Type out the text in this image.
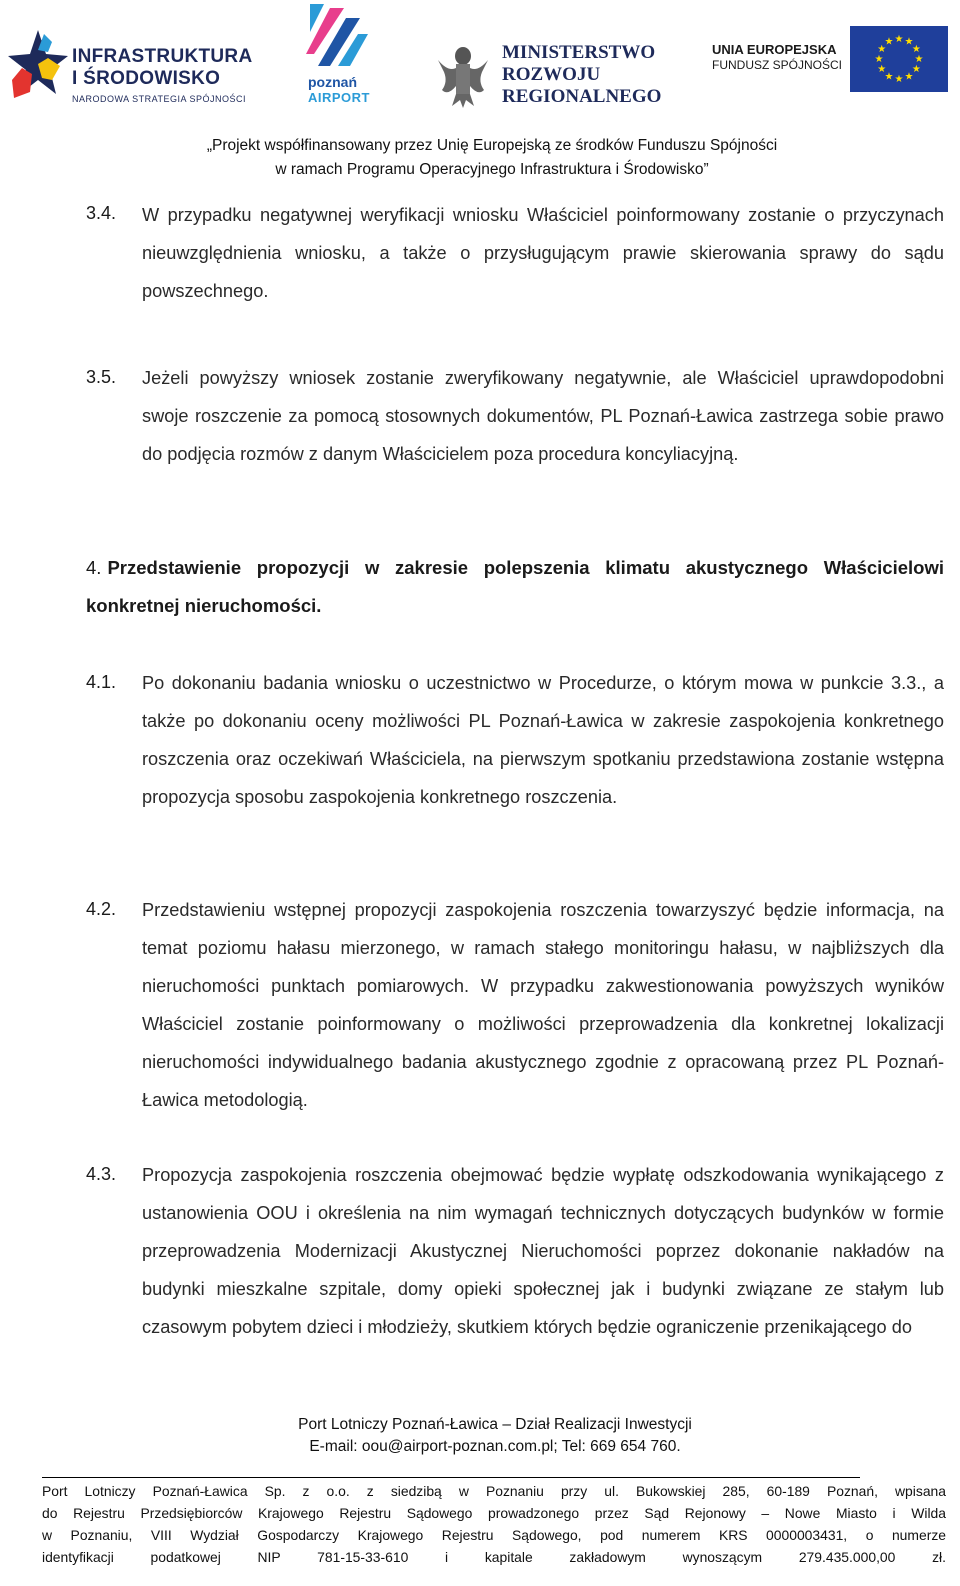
INFRASTRUKTURA
I ŚRODOWISKO
NARODOWA STRATEGIA SPÓJNOŚCI
poznań
AIRPORT
MINISTERSTWO
ROZWOJU
REGIONALNEGO
UNIA EUROPEJSKA
FUNDUSZ SPÓJNOŚCI	★
★
★
★
★
★
★
★
★ ★ ★
★
„Projekt współfinansowany przez Unię Europejską ze środków Funduszu Spójności
w ramach Programu Operacyjnego Infrastruktura i Środowisko”
3.4. W przypadku negatywnej weryfikacji wniosku Właściciel poinformowany zostanie o przyczynach nieuwzględnienia wniosku, a także o przysługującym prawie skierowania sprawy do sądu powszechnego.
3.5. Jeżeli powyższy wniosek zostanie zweryfikowany negatywnie, ale Właściciel uprawdopodobni swoje roszczenie za pomocą stosownych dokumentów, PL Poznań-Ławica zastrzega sobie prawo do podjęcia rozmów z danym Właścicielem poza procedura koncyliacyjną.
4. Przedstawienie propozycji w zakresie polepszenia klimatu akustycznego Właścicielowi konkretnej nieruchomości.
4.1. Po dokonaniu badania wniosku o uczestnictwo w Procedurze, o którym mowa w punkcie 3.3., a także po dokonaniu oceny możliwości PL Poznań-Ławica w zakresie zaspokojenia konkretnego roszczenia oraz oczekiwań Właściciela, na pierwszym spotkaniu przedstawiona zostanie wstępna propozycja sposobu zaspokojenia konkretnego roszczenia.
4.2. Przedstawieniu wstępnej propozycji zaspokojenia roszczenia towarzyszyć będzie informacja, na temat poziomu hałasu mierzonego, w ramach stałego monitoringu hałasu, w najbliższych dla nieruchomości punktach pomiarowych. W przypadku zakwestionowania powyższych wyników Właściciel zostanie poinformowany o możliwości przeprowadzenia dla konkretnej lokalizacji nieruchomości indywidualnego badania akustycznego zgodnie z opracowaną przez PL Poznań-Ławica metodologią.
4.3. Propozycja zaspokojenia roszczenia obejmować będzie wypłatę odszkodowania wynikającego z ustanowienia OOU i określenia na nim wymagań technicznych dotyczących budynków w formie przeprowadzenia Modernizacji Akustycznej Nieruchomości poprzez dokonanie nakładów na budynki mieszkalne szpitale, domy opieki społecznej jak i budynki związane ze stałym lub czasowym pobytem dzieci i młodzieży, skutkiem których będzie ograniczenie przenikającego do
Port Lotniczy Poznań-Ławica – Dział Realizacji Inwestycji
E-mail: oou@airport-poznan.com.pl; Tel: 669 654 760.
Port Lotniczy Poznań-Ławica Sp. z o.o. z siedzibą w Poznaniu przy ul. Bukowskiej 285, 60-189 Poznań, wpisana
do Rejestru Przedsiębiorców Krajowego Rejestru Sądowego prowadzonego przez Sąd Rejonowy – Nowe Miasto i Wilda
w Poznaniu, VIII Wydział Gospodarczy Krajowego Rejestru Sądowego, pod numerem KRS 0000003431, o numerze
identyfikacji podatkowej NIP 781-15-33-610 i kapitale zakładowym wynoszącym 279.435.000,00 zł.
